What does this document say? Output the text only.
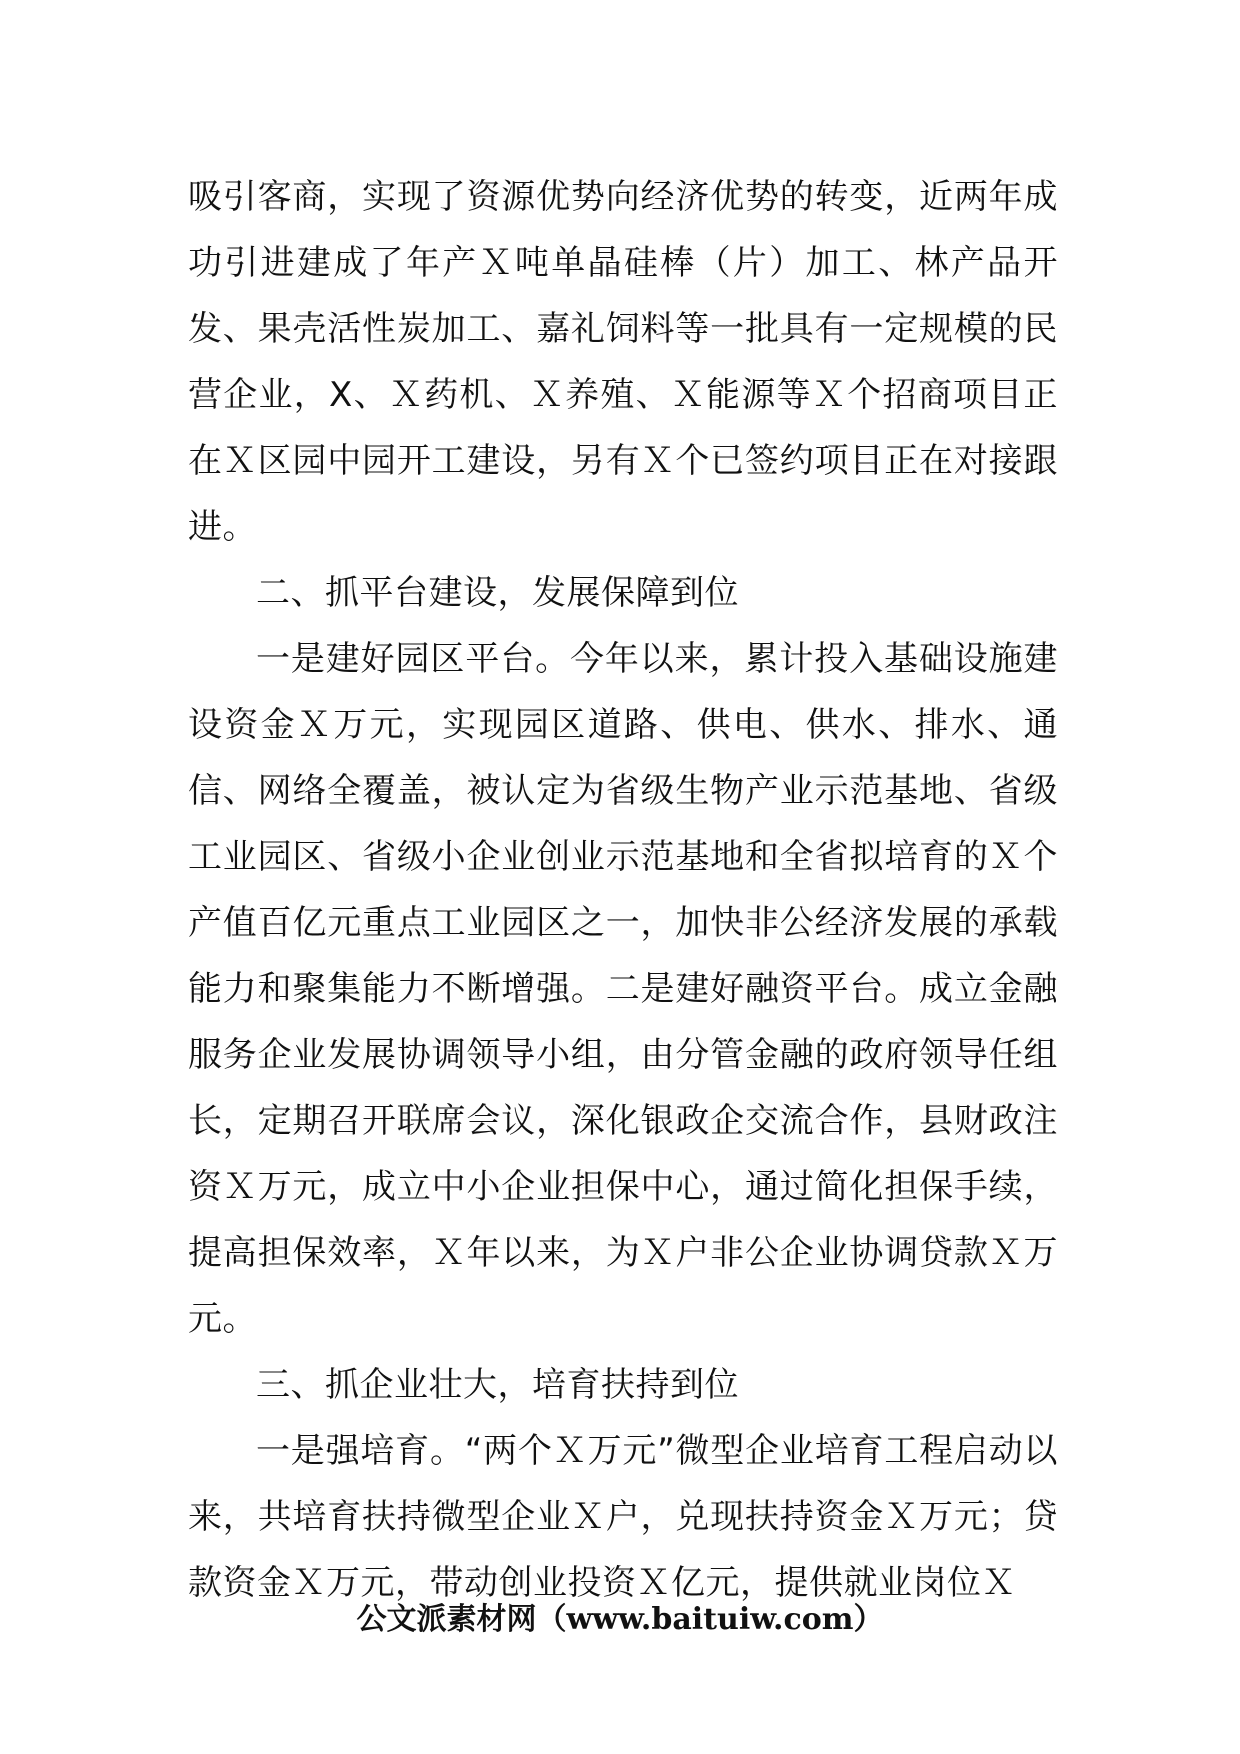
吸引客商，实现了资源优势向经济优势的转变，近两年成功引进建成了年产Ｘ吨单晶硅棒（片）加工、林产品开发、果壳活性炭加工、嘉礼饲料等一批具有一定规模的民营企业，X、Ｘ药机、Ｘ养殖、Ｘ能源等Ｘ个招商项目正在Ｘ区园中园开工建设，另有Ｘ个已签约项目正在对接跟进。

二、抓平台建设，发展保障到位

一是建好园区平台。今年以来，累计投入基础设施建设资金Ｘ万元，实现园区道路、供电、供水、排水、通信、网络全覆盖，被认定为省级生物产业示范基地、省级工业园区、省级小企业创业示范基地和全省拟培育的Ｘ个产值百亿元重点工业园区之一，加快非公经济发展的承载能力和聚集能力不断增强。二是建好融资平台。成立金融服务企业发展协调领导小组，由分管金融的政府领导任组长，定期召开联席会议，深化银政企交流合作，县财政注资Ｘ万元，成立中小企业担保中心，通过简化担保手续，提高担保效率，Ｘ年以来，为Ｘ户非公企业协调贷款Ｘ万元。

三、抓企业壮大，培育扶持到位

一是强培育。“两个Ｘ万元”微型企业培育工程启动以来，共培育扶持微型企业Ｘ户，兑现扶持资金Ｘ万元；贷款资金Ｘ万元，带动创业投资Ｘ亿元，提供就业岗位Ｘ

公文派素材网（www.baituiw.com）
